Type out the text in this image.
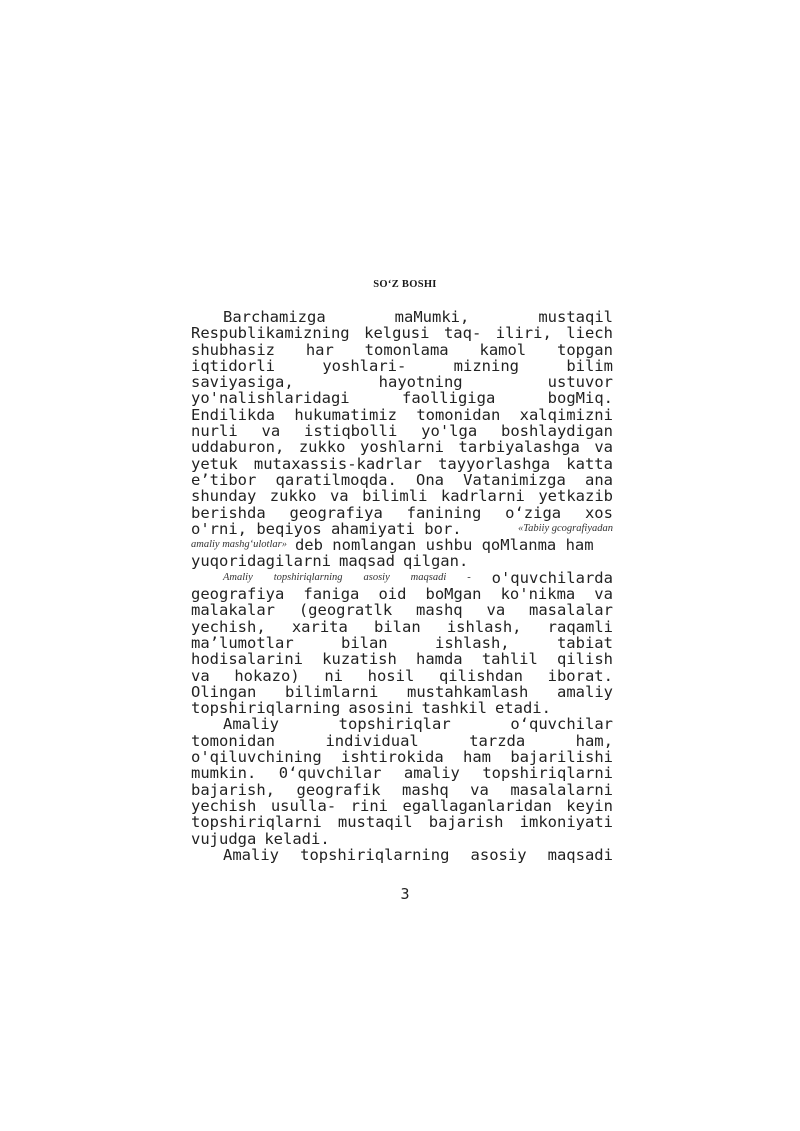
SO‘Z BOSHI
Barchamizga	maMumki,	mustaqil
Respublikamizning kelgusi taq- iliri, liech
shubhasiz har tomonlama kamol topgan
iqtidorli	yoshlari-	mizning	bilim
saviyasiga,	hayotning	ustuvor
yo'nalishlaridagi	faolligiga	bogMiq.
Endilikda hukumatimiz tomonidan xalqimizni
nurli va istiqbolli yo'lga boshlaydigan
uddaburon, zukko yoshlarni tarbiyalashga va
yetuk mutaxassis-kadrlar tayyorlashga katta
e’tibor qaratilmoqda. Ona Vatanimizga ana
shunday zukko va bilimli kadrlarni yetkazib
berishda geografiya fanining o‘ziga xos
o'rni, beqiyos ahamiyati bor.	«Tabiiy gcografiyadan
amaliy mashg‘ulotlar» deb nomlangan ushbu qoMlanma ham
yuqoridagilarni maqsad qilgan.
Amaliy topshiriqlarning asosiy maqsadi - o'quvchilarda
geografiya faniga oid boMgan ko'nikma va
malakalar (geogratlk mashq va masalalar
yechish, xarita bilan ishlash, raqamli
ma’lumotlar	bilan	ishlash,	tabiat
hodisalarini kuzatish hamda tahlil qilish
va hokazo) ni hosil qilishdan iborat.
Olingan bilimlarni mustahkamlash amaliy
topshiriqlarning asosini tashkil etadi.
Amaliy	topshiriqlar	o‘quvchilar
tomonidan	individual	tarzda	ham,
o'qiluvchining ishtirokida ham bajarilishi
mumkin. 0‘quvchilar amaliy topshiriqlarni
bajarish, geografik mashq va masalalarni
yechish usulla- rini egallaganlaridan keyin
topshiriqlarni mustaqil bajarish imkoniyati
vujudga keladi.
Amaliy topshiriqlarning asosiy maqsadi
3
